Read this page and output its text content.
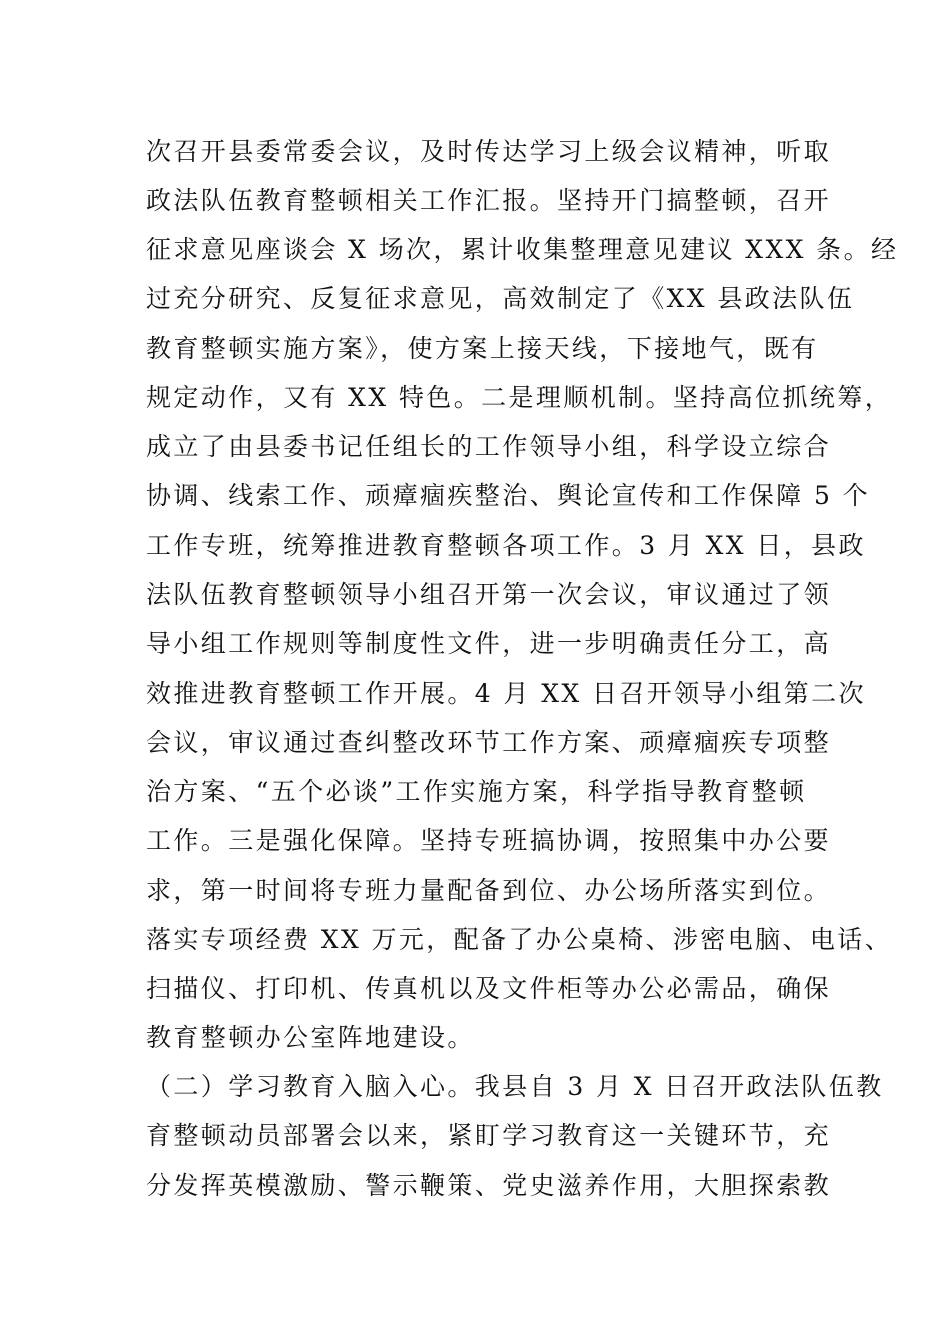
次召开县委常委会议，及时传达学习上级会议精神，听取
政法队伍教育整顿相关工作汇报。坚持开门搞整顿，召开
征求意见座谈会 X 场次，累计收集整理意见建议 XXX 条。经
过充分研究、反复征求意见，高效制定了《XX 县政法队伍
教育整顿实施方案》，使方案上接天线，下接地气，既有
规定动作，又有 XX 特色。二是理顺机制。坚持高位抓统筹，
成立了由县委书记任组长的工作领导小组，科学设立综合
协调、线索工作、顽瘴痼疾整治、舆论宣传和工作保障 5 个
工作专班，统筹推进教育整顿各项工作。3 月 XX 日，县政
法队伍教育整顿领导小组召开第一次会议，审议通过了领
导小组工作规则等制度性文件，进一步明确责任分工，高
效推进教育整顿工作开展。4 月 XX 日召开领导小组第二次
会议，审议通过查纠整改环节工作方案、顽瘴痼疾专项整
治方案、“五个必谈”工作实施方案，科学指导教育整顿
工作。三是强化保障。坚持专班搞协调，按照集中办公要
求，第一时间将专班力量配备到位、办公场所落实到位。
落实专项经费 XX 万元，配备了办公桌椅、涉密电脑、电话、
扫描仪、打印机、传真机以及文件柜等办公必需品，确保
教育整顿办公室阵地建设。
（二）学习教育入脑入心。我县自 3 月 X 日召开政法队伍教
育整顿动员部署会以来，紧盯学习教育这一关键环节，充
分发挥英模激励、警示鞭策、党史滋养作用，大胆探索教
